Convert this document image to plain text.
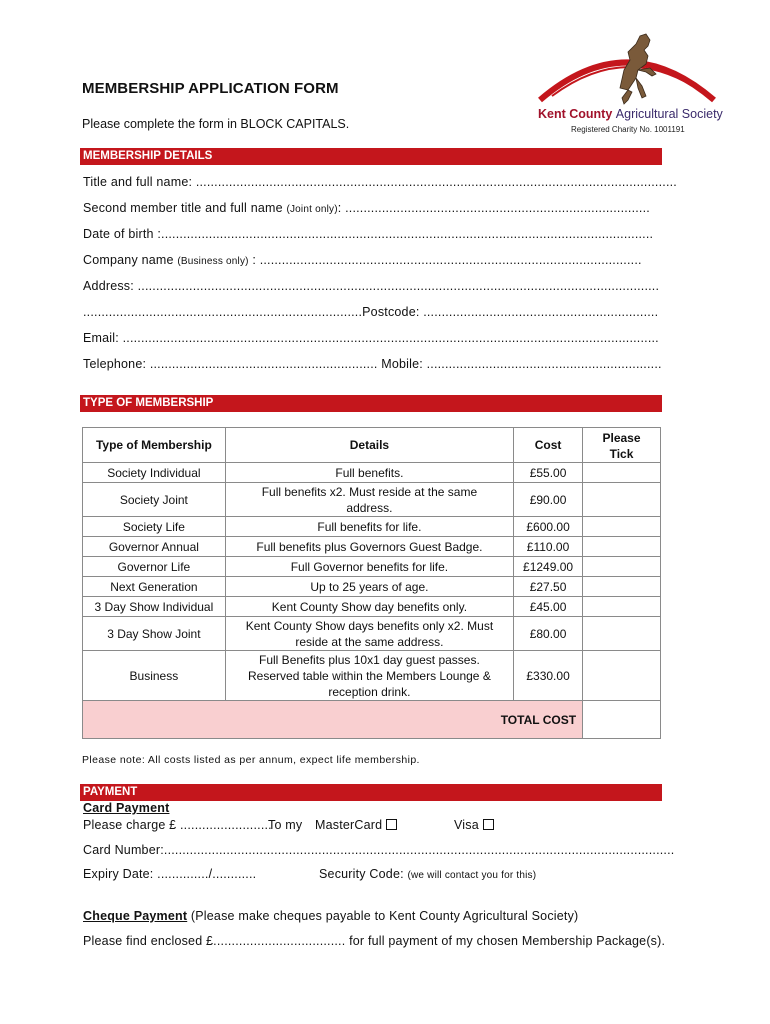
MEMBERSHIP APPLICATION FORM
Please complete the form in BLOCK CAPITALS.
Kent County Agricultural Society
Registered Charity No. 1001191
MEMBERSHIP DETAILS
Title and full name: ...................................................................................................................................
Second member title and full name (Joint only): ...................................................................................
Date of birth :......................................................................................................................................
Company name (Business only) : ........................................................................................................
Address: ..............................................................................................................................................
............................................................................Postcode: ................................................................
Email: ..................................................................................................................................................
Telephone: .............................................................. Mobile: ................................................................
TYPE OF MEMBERSHIP
Type of Membership	Details	Cost	Please Tick
Society Individual	Full benefits.	£55.00	
Society Joint	Full benefits x2. Must reside at the same address.	£90.00	
Society Life	Full benefits for life.	£600.00	
Governor Annual	Full benefits plus Governors Guest Badge.	£110.00	
Governor Life	Full Governor benefits for life.	£1249.00	
Next Generation	Up to 25 years of age.	£27.50	
3 Day Show Individual	Kent County Show day benefits only.	£45.00	
3 Day Show Joint	Kent County Show days benefits only x2. Must reside at the same address.	£80.00	
Business	Full Benefits plus 10x1 day guest passes. Reserved table within the Members Lounge & reception drink.	£330.00	
TOTAL COST			
Please note: All costs listed as per annum, expect life membership.
PAYMENT
Card Payment
Please charge £ .........................
To my MasterCard	Visa
Card Number:...........................................................................................................................................
Expiry Date: ............../............	Security Code: (we will contact you for this)
Cheque Payment (Please make cheques payable to Kent County Agricultural Society)
Please find enclosed £.................................... for full payment of my chosen Membership Package(s).
